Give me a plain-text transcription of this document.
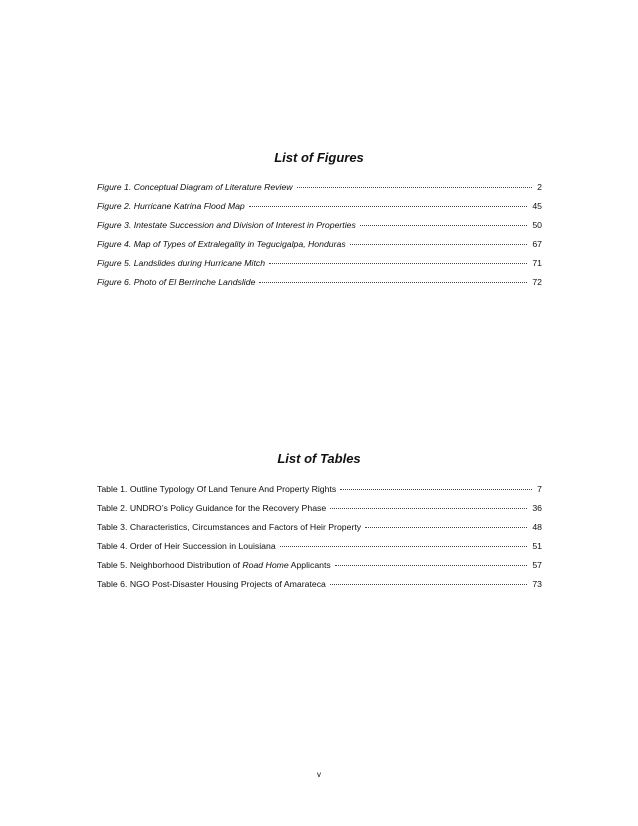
List of Figures
Figure 1. Conceptual Diagram of Literature Review	2
Figure 2. Hurricane Katrina Flood Map	45
Figure 3. Intestate Succession and Division of Interest in Properties	50
Figure 4. Map of Types of Extralegality in Tegucigalpa, Honduras	67
Figure 5. Landslides during Hurricane Mitch	71
Figure 6. Photo of El Berrinche Landslide	72
List of Tables
Table 1. Outline Typology Of Land Tenure And Property Rights	7
Table 2. UNDRO’s Policy Guidance for the Recovery Phase	36
Table 3. Characteristics, Circumstances and Factors of Heir Property	48
Table 4. Order of Heir Succession in Louisiana	51
Table 5. Neighborhood Distribution of Road Home Applicants	57
Table 6. NGO Post-Disaster Housing Projects of Amarateca	73
v
